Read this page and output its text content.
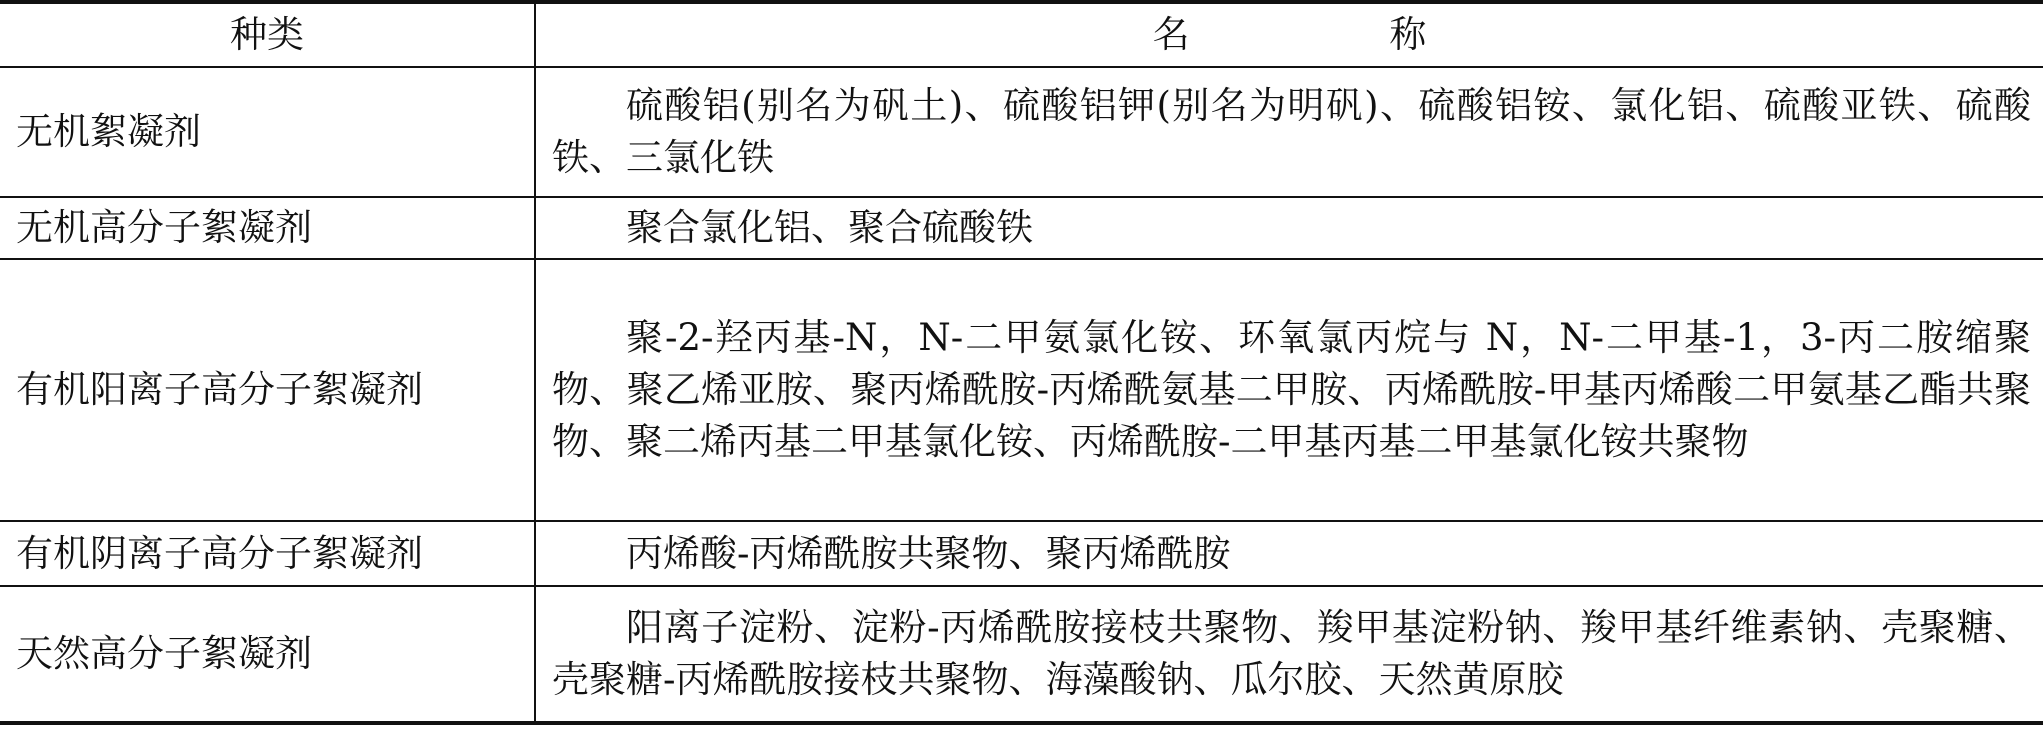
种类	名　称
无机絮凝剂	硫酸铝(别名为矾土)、硫酸铝钾(别名为明矾)、硫酸铝铵、氯化铝、硫酸亚铁、硫酸铁、三氯化铁
无机高分子絮凝剂	聚合氯化铝、聚合硫酸铁
有机阳离子高分子絮凝剂	聚-2-羟丙基-N，N-二甲氨氯化铵、环氧氯丙烷与 N，N-二甲基-1，3-丙二胺缩聚物、聚乙烯亚胺、聚丙烯酰胺-丙烯酰氨基二甲胺、丙烯酰胺-甲基丙烯酸二甲氨基乙酯共聚物、聚二烯丙基二甲基氯化铵、丙烯酰胺-二甲基丙基二甲基氯化铵共聚物
有机阴离子高分子絮凝剂	丙烯酸-丙烯酰胺共聚物、聚丙烯酰胺
天然高分子絮凝剂	阳离子淀粉、淀粉-丙烯酰胺接枝共聚物、羧甲基淀粉钠、羧甲基纤维素钠、壳聚糖、壳聚糖-丙烯酰胺接枝共聚物、海藻酸钠、瓜尔胶、天然黄原胶
